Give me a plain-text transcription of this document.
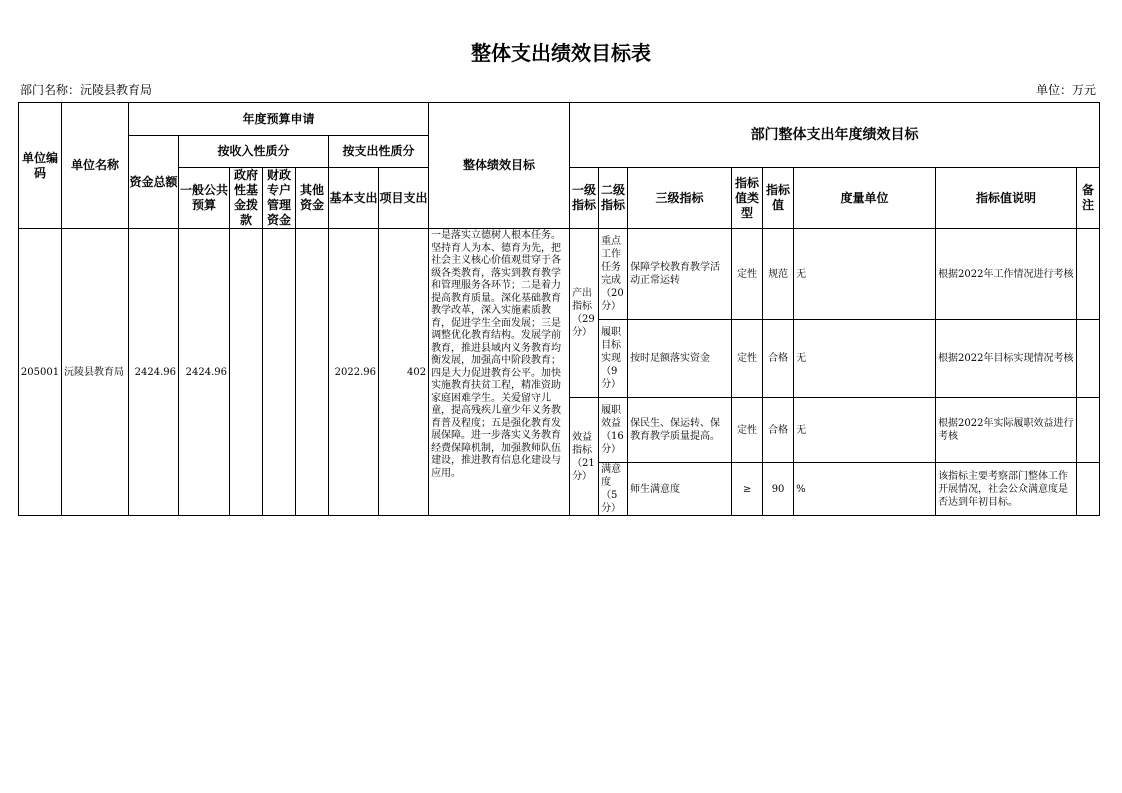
整体支出绩效目标表
部门名称：沅陵县教育局	单位：万元
单位编码	单位名称	年度预算申请							整体绩效目标	部门整体支出年度绩效目标							
		资金总额	按收入性质分				按支出性质分										
			一般公共预算	政府性基金拨款	财政专户管理资金	其他资金	基本支出	项目支出		一级指标	二级指标	三级指标	指标值类型	指标值	度量单位	指标值说明	备注
205001	沅陵县教育局	2424.96	2424.96				2022.96	402	一是落实立德树人根本任务。坚持育人为本、德育为先，把社会主义核心价值观贯穿于各级各类教育，落实到教育教学和管理服务各环节；二是着力提高教育质量。深化基础教育教学改革，深入实施素质教育，促进学生全面发展；三是调整优化教育结构。发展学前教育，推进县域内义务教育均衡发展，加强高中阶段教育；四是大力促进教育公平。加快实施教育扶贫工程，精准资助家庭困难学生。关爱留守儿童，提高残疾儿童少年义务教育普及程度；五是强化教育发展保障。进一步落实义务教育经费保障机制，加强教师队伍建设，推进教育信息化建设与应用。	产出指标（29分）	重点工作任务完成（20分）	保障学校教育教学活动正常运转	定性	规范	无	根据2022年工作情况进行考核	
											履职目标实现（9分）	按时足额落实资金	定性	合格	无	根据2022年目标实现情况考核	
										效益指标（21分）	履职效益（16分）	保民生、保运转、保教育教学质量提高。	定性	合格	无	根据2022年实际履职效益进行考核	
											满意度（5分）	师生满意度	≥	90	%	该指标主要考察部门整体工作开展情况，社会公众满意度是否达到年初目标。	
